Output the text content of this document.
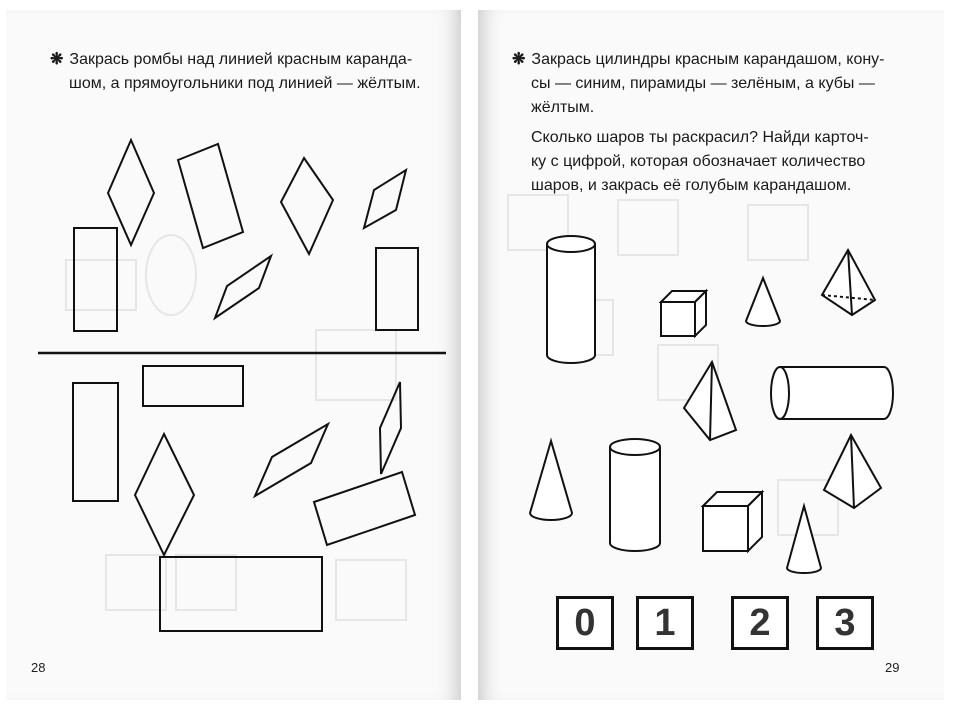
❋ Закрась ромбы над линией красным каранда-
шом, а прямоугольники под линией — жёлтым.
28
❋ Закрась цилиндры красным карандашом, кону-
сы — синим, пирамиды — зелёным, а кубы —
жёлтым.
Сколько шаров ты раскрасил? Найди карточ-
ку с цифрой, которая обозначает количество
шаров, и закрась её голубым карандашом.
0	1	2	3
29
